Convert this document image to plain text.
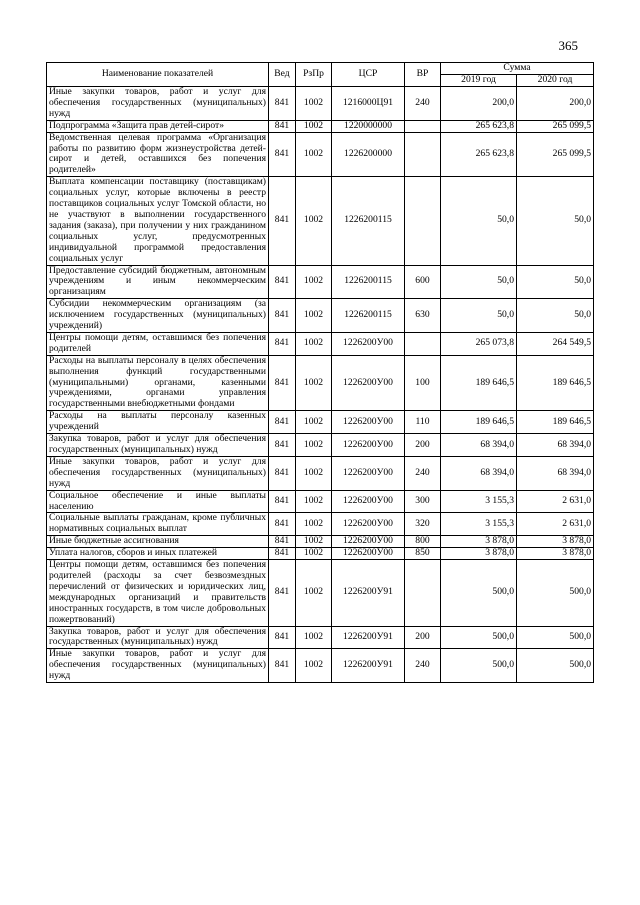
365
Наименование показателей	Вед	РзПр	ЦСР	ВР	Сумма	
					2019 год	2020 год
Иные закупки товаров, работ и услуг для обеспечения государственных (муниципальных) нужд	841	1002	1216000Ц91	240	200,0	200,0
Подпрограмма «Защита прав детей-сирот»	841	1002	1220000000		265 623,8	265 099,5
Ведомственная целевая программа «Организация работы по развитию форм жизнеустройства детей-сирот и детей, оставшихся без попечения родителей»	841	1002	1226200000		265 623,8	265 099,5
Выплата компенсации поставщику (поставщикам) социальных услуг, которые включены в реестр поставщиков социальных услуг Томской области, но не участвуют в выполнении государственного задания (заказа), при получении у них гражданином социальных услуг, предусмотренных индивидуальной программой предоставления социальных услуг	841	1002	1226200115		50,0	50,0
Предоставление субсидий бюджетным, автономным учреждениям и иным некоммерческим организациям	841	1002	1226200115	600	50,0	50,0
Субсидии некоммерческим организациям (за исключением государственных (муниципальных) учреждений)	841	1002	1226200115	630	50,0	50,0
Центры помощи детям, оставшимся без попечения родителей	841	1002	1226200У00		265 073,8	264 549,5
Расходы на выплаты персоналу в целях обеспечения выполнения функций государственными (муниципальными) органами, казенными учреждениями, органами управления государственными внебюджетными фондами	841	1002	1226200У00	100	189 646,5	189 646,5
Расходы на выплаты персоналу казенных учреждений	841	1002	1226200У00	110	189 646,5	189 646,5
Закупка товаров, работ и услуг для обеспечения государственных (муниципальных) нужд	841	1002	1226200У00	200	68 394,0	68 394,0
Иные закупки товаров, работ и услуг для обеспечения государственных (муниципальных) нужд	841	1002	1226200У00	240	68 394,0	68 394,0
Социальное обеспечение и иные выплаты населению	841	1002	1226200У00	300	3 155,3	2 631,0
Социальные выплаты гражданам, кроме публичных нормативных социальных выплат	841	1002	1226200У00	320	3 155,3	2 631,0
Иные бюджетные ассигнования	841	1002	1226200У00	800	3 878,0	3 878,0
Уплата налогов, сборов и иных платежей	841	1002	1226200У00	850	3 878,0	3 878,0
Центры помощи детям, оставшимся без попечения родителей (расходы за счет безвозмездных перечислений от физических и юридических лиц, международных организаций и правительств иностранных государств, в том числе добровольных пожертвований)	841	1002	1226200У91		500,0	500,0
Закупка товаров, работ и услуг для обеспечения государственных (муниципальных) нужд	841	1002	1226200У91	200	500,0	500,0
Иные закупки товаров, работ и услуг для обеспечения государственных (муниципальных) нужд	841	1002	1226200У91	240	500,0	500,0
